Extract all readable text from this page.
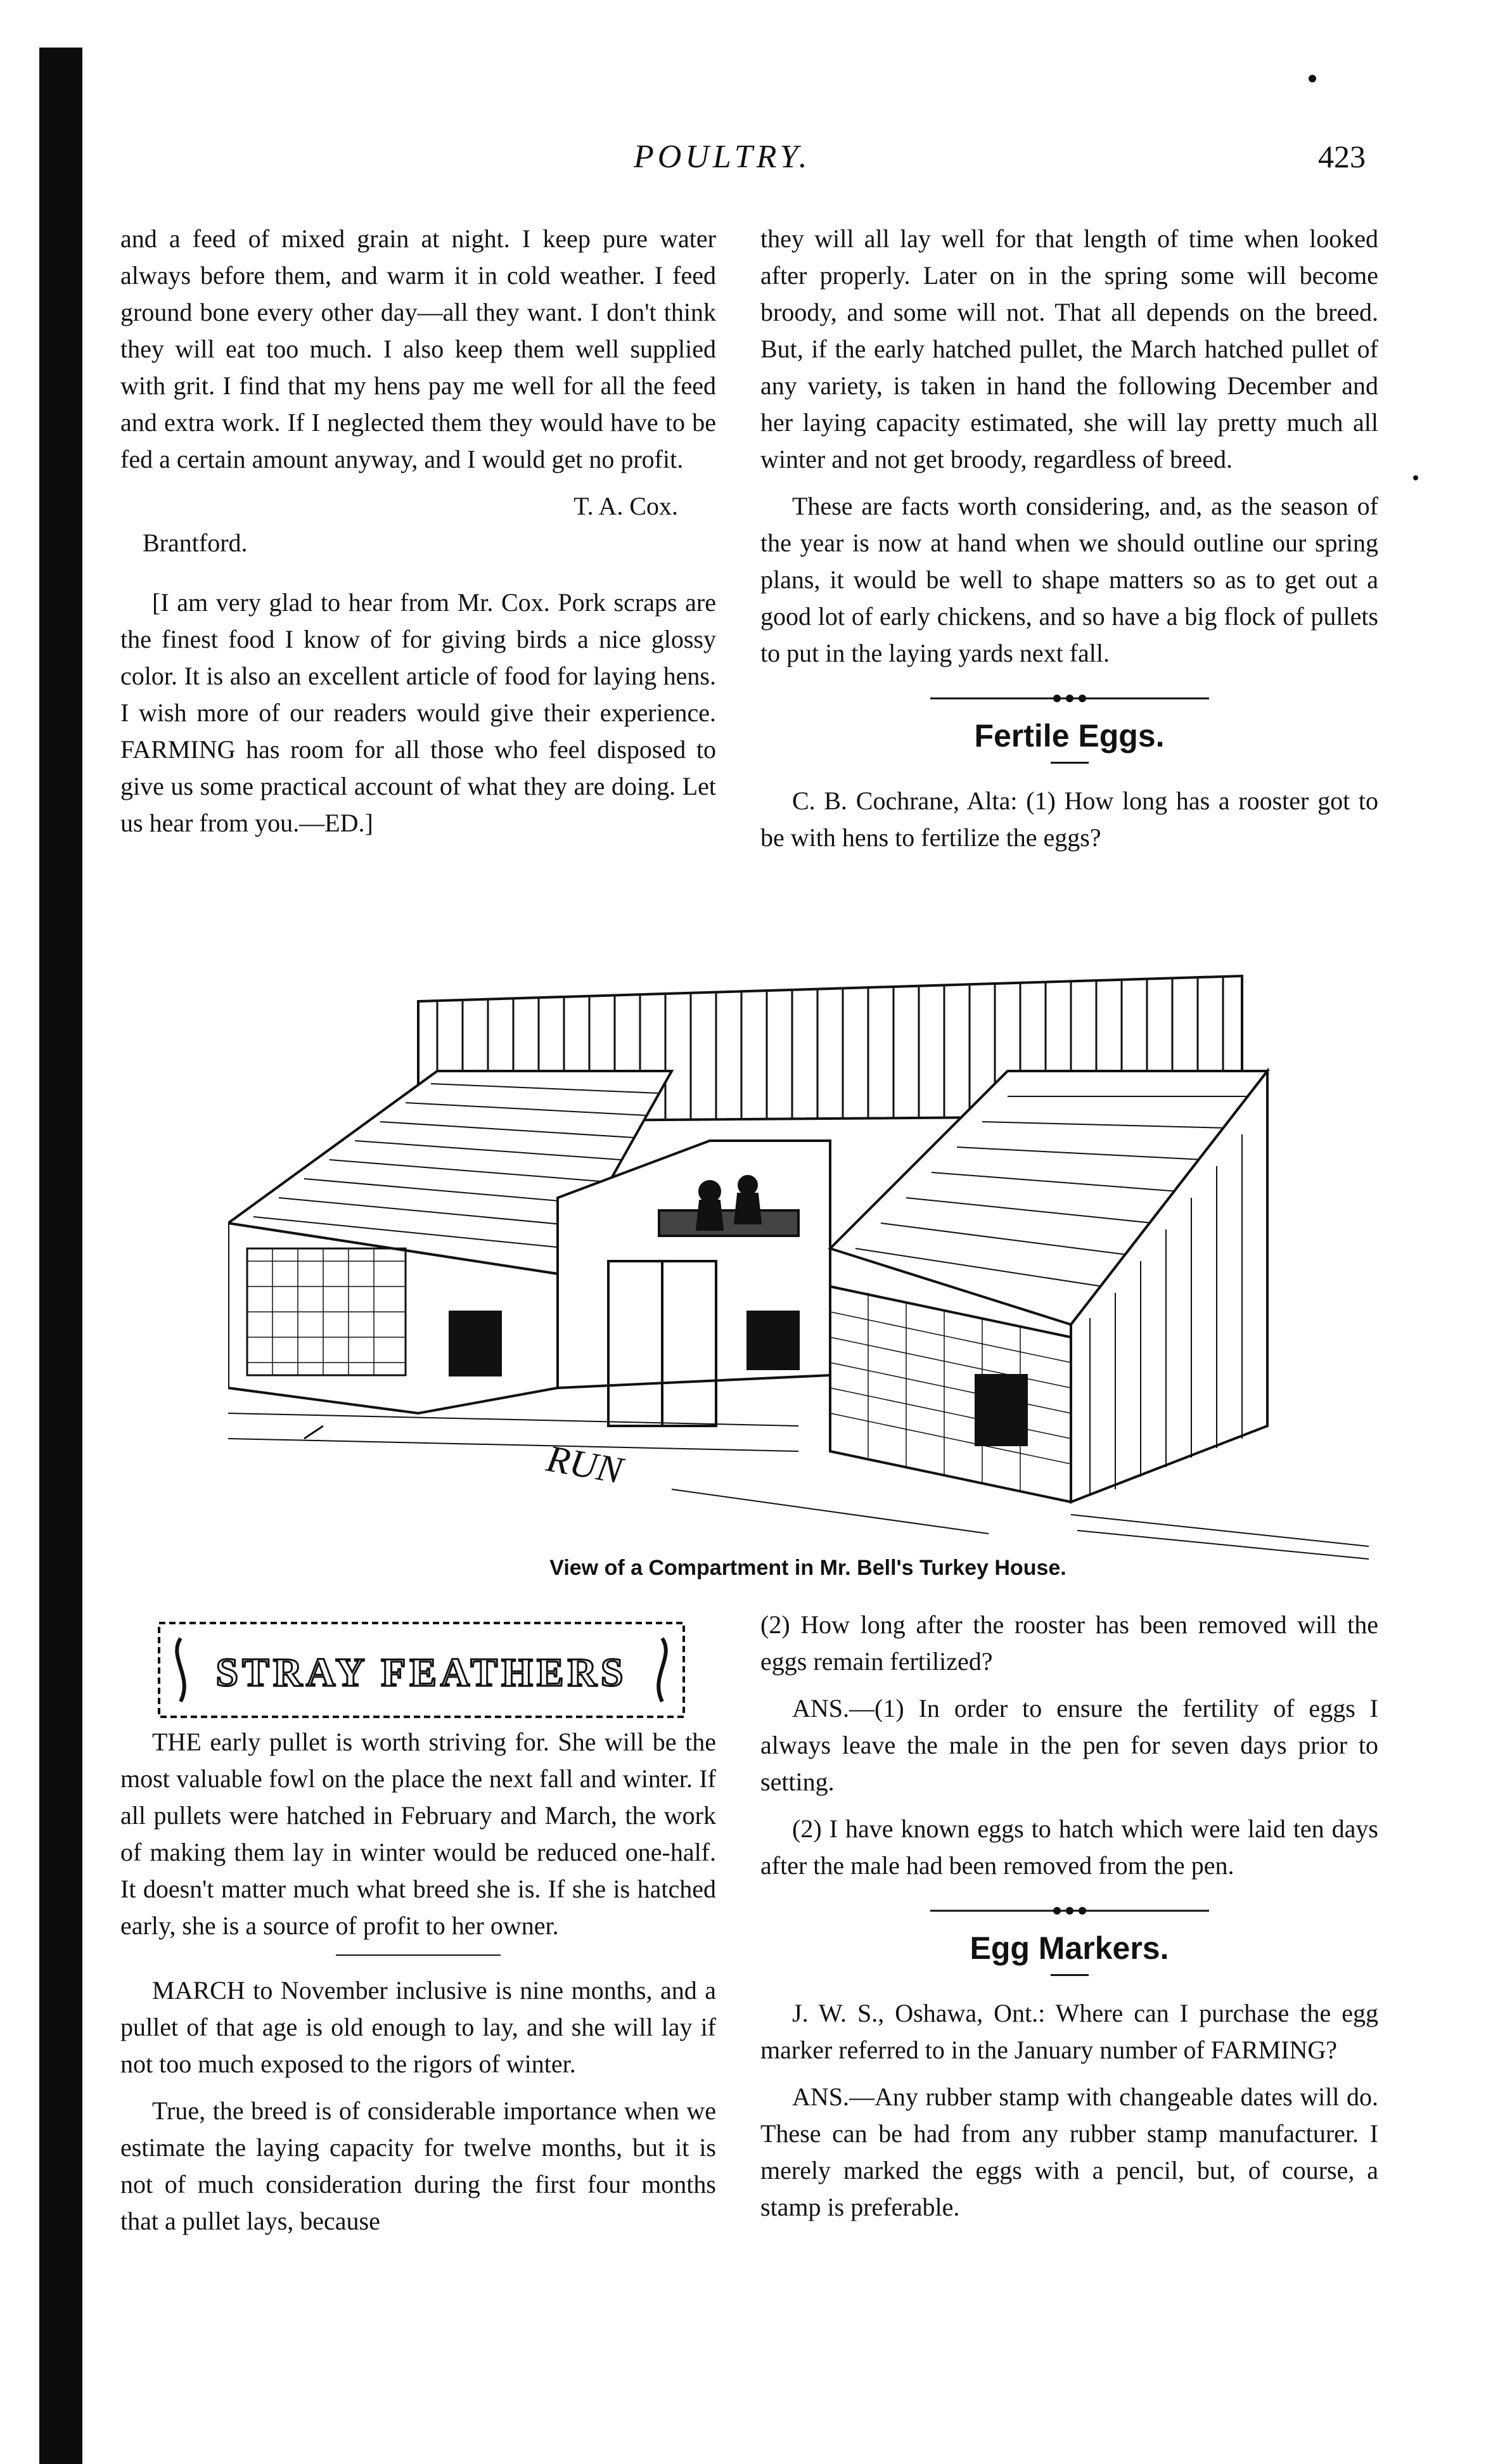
POULTRY.	423

and a feed of mixed grain at night. I keep pure water always before them, and warm it in cold weather. I feed ground bone every other day—all they want. I don't think they will eat too much. I also keep them well supplied with grit. I find that my hens pay me well for all the feed and extra work. If I neglected them they would have to be fed a certain amount anyway, and I would get no profit.

T. A. Cox.

Brantford.

[I am very glad to hear from Mr. Cox. Pork scraps are the finest food I know of for giving birds a nice glossy color. It is also an excellent article of food for laying hens. I wish more of our readers would give their experience. FARMING has room for all those who feel disposed to give us some practical account of what they are doing. Let us hear from you.—ED.]

they will all lay well for that length of time when looked after properly. Later on in the spring some will become broody, and some will not. That all depends on the breed. But, if the early hatched pullet, the March hatched pullet of any variety, is taken in hand the following December and her laying capacity estimated, she will lay pretty much all winter and not get broody, regardless of breed.

These are facts worth considering, and, as the season of the year is now at hand when we should outline our spring plans, it would be well to shape matters so as to get out a good lot of early chickens, and so have a big flock of pullets to put in the laying yards next fall.

Fertile Eggs.

C. B. Cochrane, Alta: (1) How long has a rooster got to be with hens to fertilize the eggs?

RUN
View of a Compartment in Mr. Bell's Turkey House.
STRAY FEATHERS

THE early pullet is worth striving for. She will be the most valuable fowl on the place the next fall and winter. If all pullets were hatched in February and March, the work of making them lay in winter would be reduced one-half. It doesn't matter much what breed she is. If she is hatched early, she is a source of profit to her owner.

MARCH to November inclusive is nine months, and a pullet of that age is old enough to lay, and she will lay if not too much exposed to the rigors of winter.

True, the breed is of considerable importance when we estimate the laying capacity for twelve months, but it is not of much consideration during the first four months that a pullet lays, because

(2) How long after the rooster has been removed will the eggs remain fertilized?

ANS.—(1) In order to ensure the fertility of eggs I always leave the male in the pen for seven days prior to setting.

(2) I have known eggs to hatch which were laid ten days after the male had been removed from the pen.

Egg Markers.

J. W. S., Oshawa, Ont.: Where can I purchase the egg marker referred to in the January number of FARMING?

ANS.—Any rubber stamp with changeable dates will do. These can be had from any rubber stamp manufacturer. I merely marked the eggs with a pencil, but, of course, a stamp is preferable.
